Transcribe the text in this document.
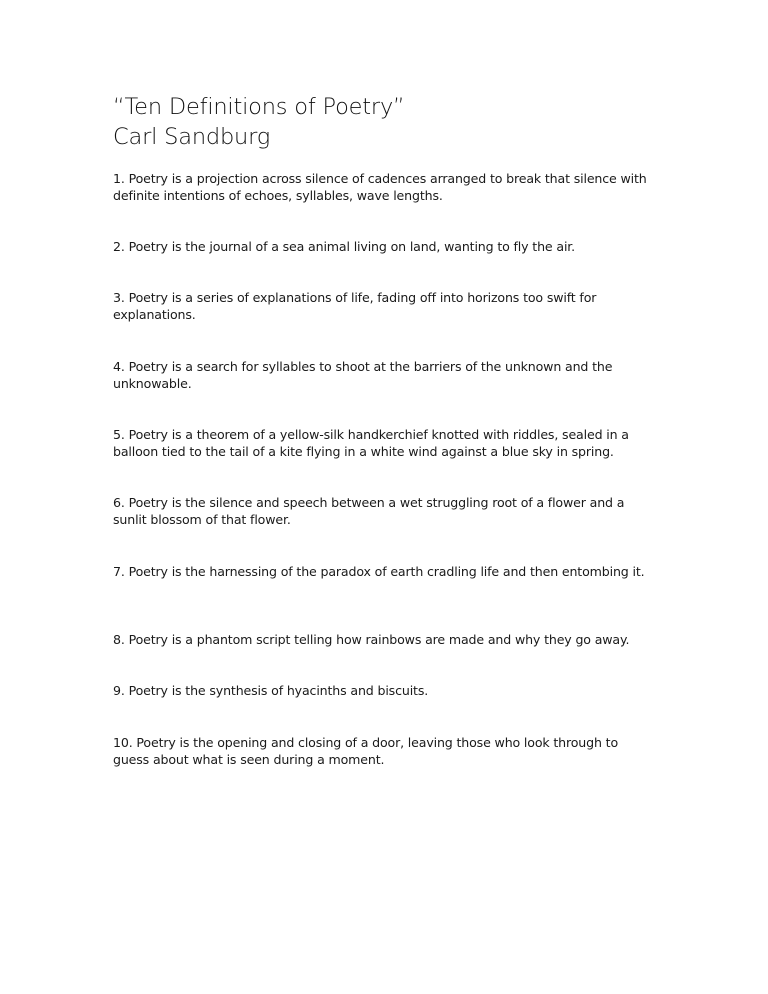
“Ten Definitions of Poetry”
Carl Sandburg

1. Poetry is a projection across silence of cadences arranged to break that silence with definite intentions of echoes, syllables, wave lengths.

2. Poetry is the journal of a sea animal living on land, wanting to fly the air.

3. Poetry is a series of explanations of life, fading off into horizons too swift for explanations.

4. Poetry is a search for syllables to shoot at the barriers of the unknown and the unknowable.

5. Poetry is a theorem of a yellow-silk handkerchief knotted with riddles, sealed in a balloon tied to the tail of a kite flying in a white wind against a blue sky in spring.

6. Poetry is the silence and speech between a wet struggling root of a flower and a sunlit blossom of that flower.

7. Poetry is the harnessing of the paradox of earth cradling life and then entombing it.

8. Poetry is a phantom script telling how rainbows are made and why they go away.

9. Poetry is the synthesis of hyacinths and biscuits.

10. Poetry is the opening and closing of a door, leaving those who look through to guess about what is seen during a moment.
